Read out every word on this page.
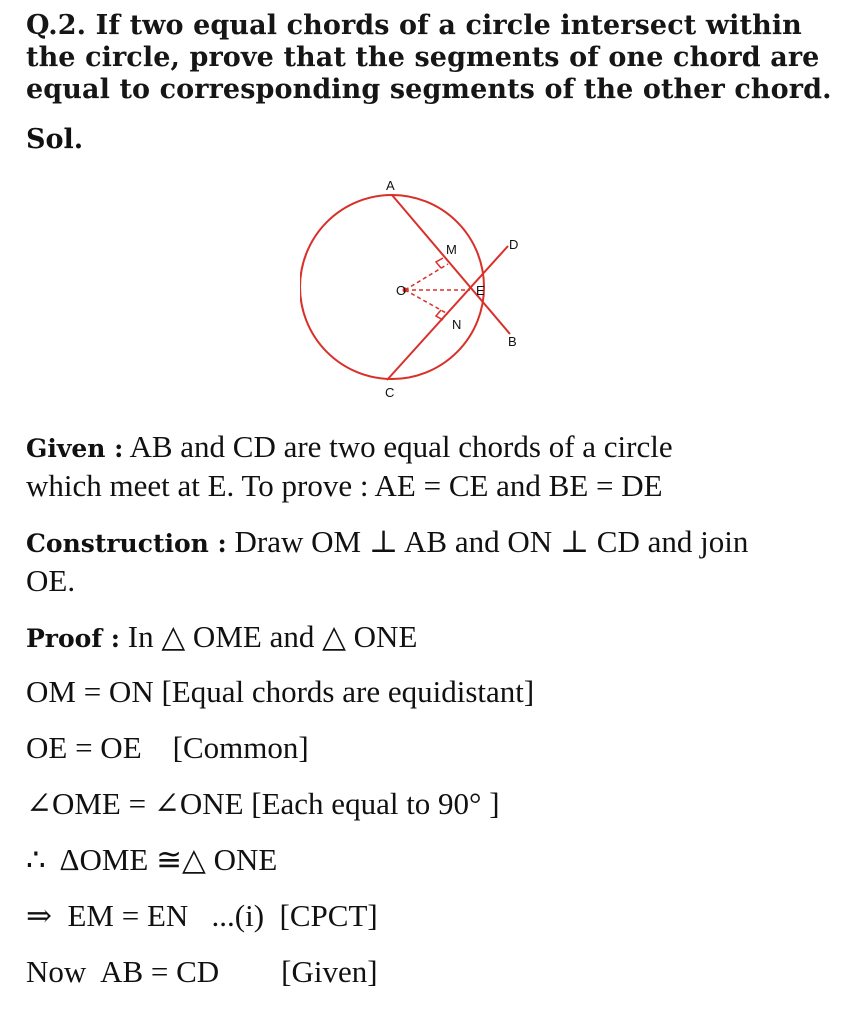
Q.2. If two equal chords of a circle intersect within the circle, prove that the segments of one chord are equal to corresponding segments of the other chord.
Sol.
A
B
C
D
O	E
M
N
Given : AB and CD are two equal chords of a circle
which meet at E. To prove : AE = CE and BE = DE
Construction : Draw OM ⊥ AB and ON ⊥ CD and join
OE.
Proof : In △ OME and △ ONE
OM = ON [Equal chords are equidistant]
OE = OE    [Common]
∠OME = ∠ONE [Each equal to 90° ]
∴  ΔOME ≅△ ONE
⇒  EM = EN   ...(i)  [CPCT]
Now  AB = CD        [Given]
